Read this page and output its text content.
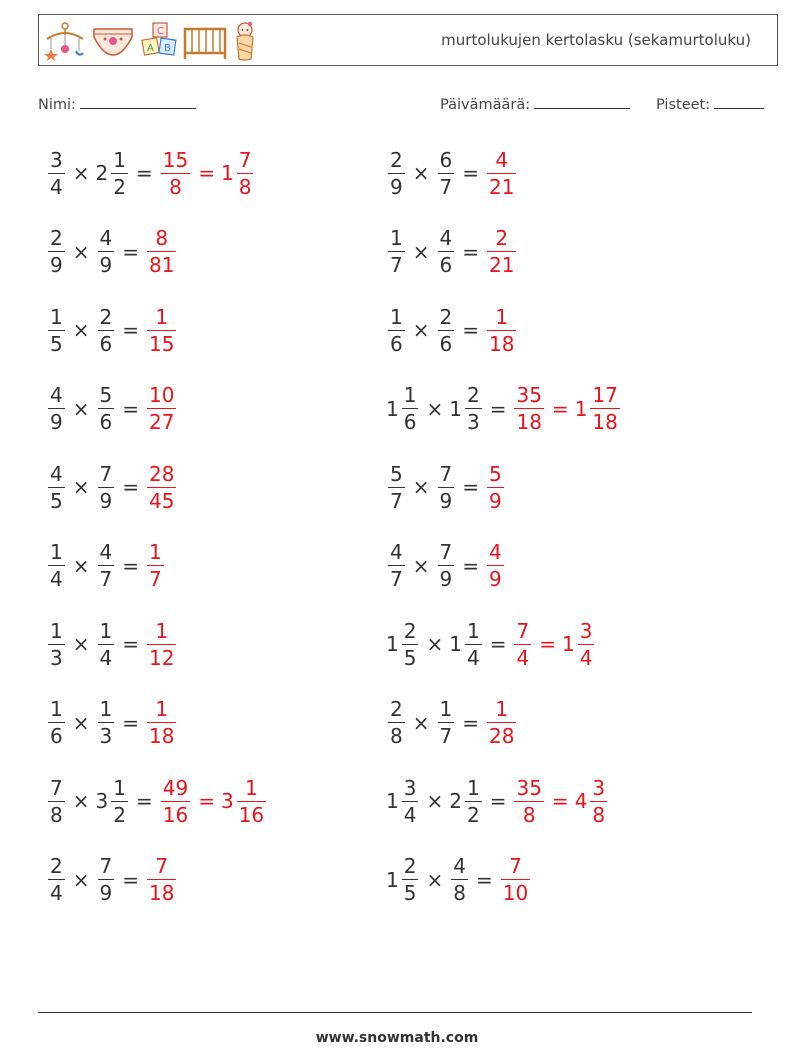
C
A B	murtolukujen kertolasku (sekamurtoluku)
Nimi:	Päivämäärä:	Pisteet:
$\frac{3}{4} \times 2 \frac{1}{2} = \frac{15}{8} = 1 \frac{7}{8}$	$\frac{2}{9} \times \frac{6}{7} = \frac{4}{21}$
$\frac{2}{9} \times \frac{4}{9} = \frac{8}{81}$	$\frac{1}{7} \times \frac{4}{6} = \frac{2}{21}$
$\frac{1}{5} \times \frac{2}{6} = \frac{1}{15}$	$\frac{1}{6} \times \frac{2}{6} = \frac{1}{18}$
$\frac{4}{9} \times \frac{5}{6} = \frac{10}{27}$	$1 \frac{1}{6} \times 1 \frac{2}{3} = \frac{35}{18} = 1 \frac{17}{18}$
$\frac{4}{5} \times \frac{7}{9} = \frac{28}{45}$	$\frac{5}{7} \times \frac{7}{9} = \frac{5}{9}$
$\frac{1}{4} \times \frac{4}{7} = \frac{1}{7}$	$\frac{4}{7} \times \frac{7}{9} = \frac{4}{9}$
$\frac{1}{3} \times \frac{1}{4} = \frac{1}{12}$	$1 \frac{2}{5} \times 1 \frac{1}{4} = \frac{7}{4} = 1 \frac{3}{4}$
$\frac{1}{6} \times \frac{1}{3} = \frac{1}{18}$	$\frac{2}{8} \times \frac{1}{7} = \frac{1}{28}$
$\frac{7}{8} \times 3 \frac{1}{2} = \frac{49}{16} = 3 \frac{1}{16}$	$1 \frac{3}{4} \times 2 \frac{1}{2} = \frac{35}{8} = 4 \frac{3}{8}$
$\frac{2}{4} \times \frac{7}{9} = \frac{7}{18}$	$1 \frac{2}{5} \times \frac{4}{8} = \frac{7}{10}$
www.snowmath.com
